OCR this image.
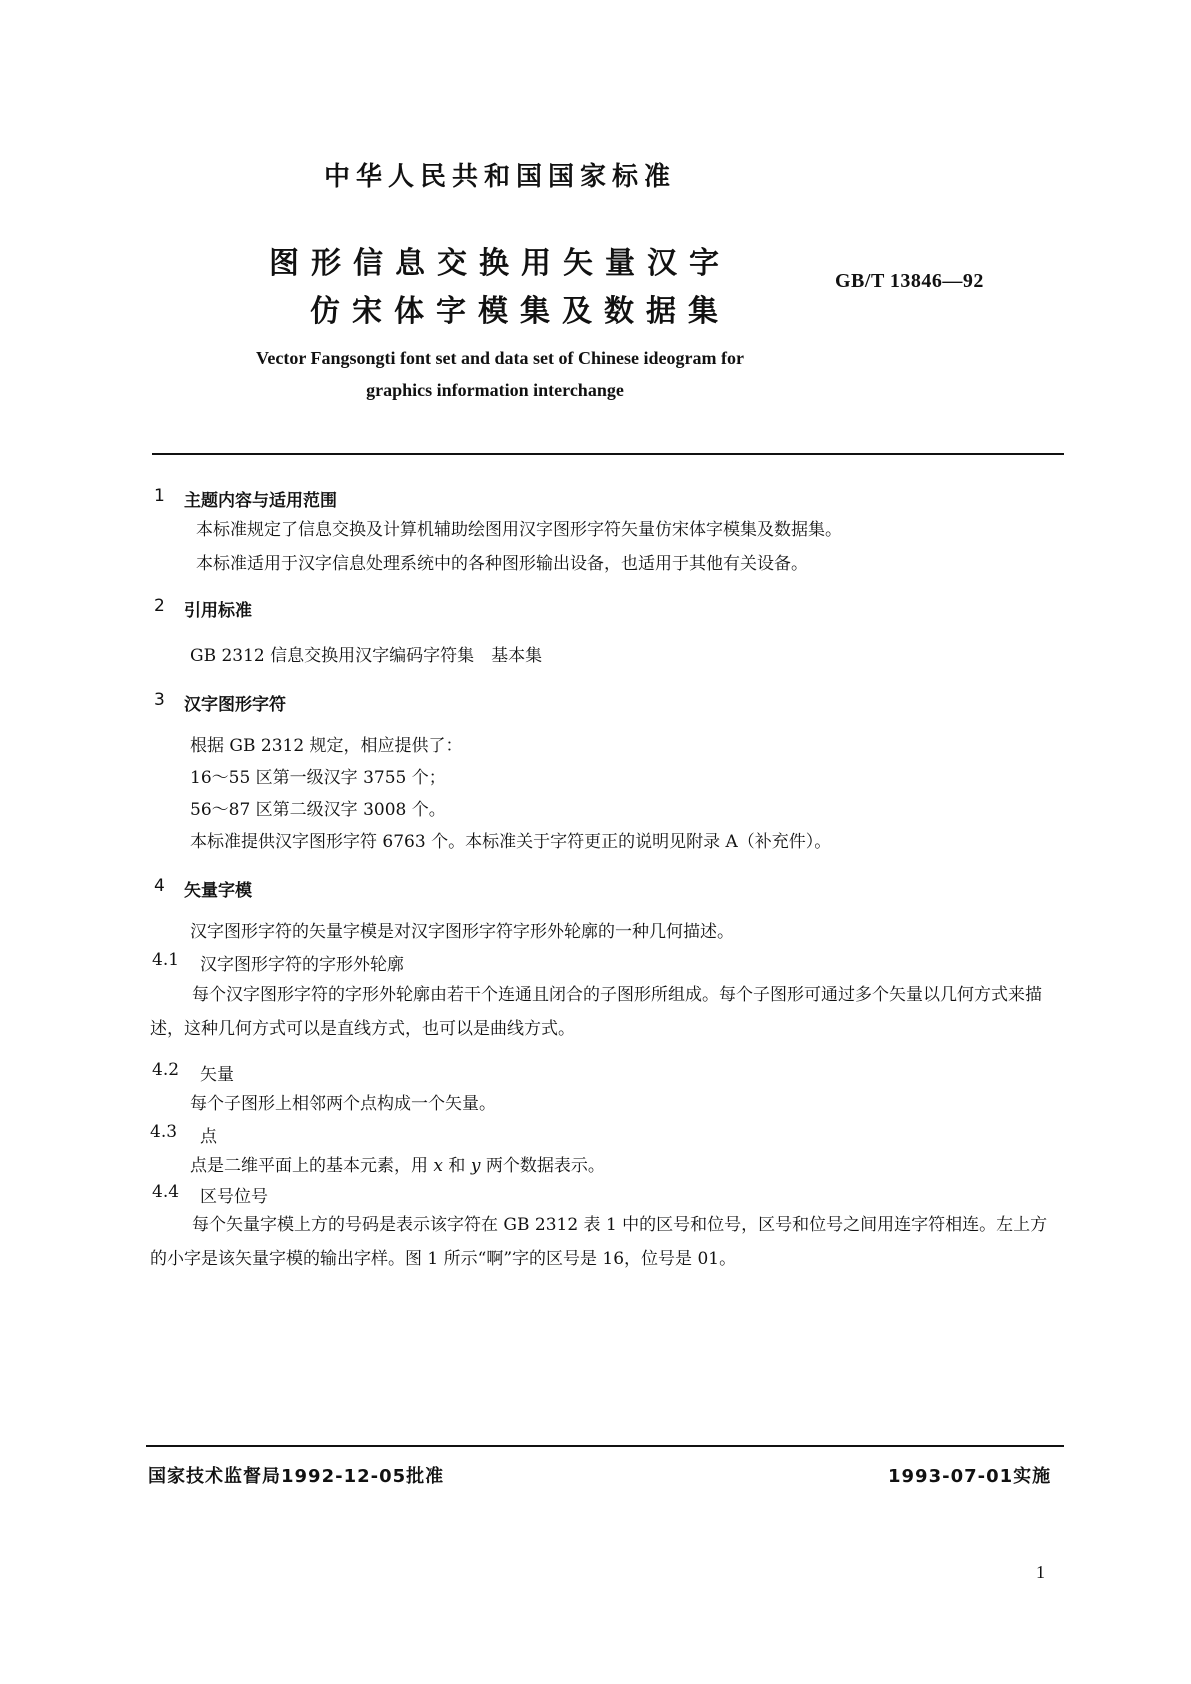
中华人民共和国国家标准
图形信息交换用矢量汉字
仿宋体字模集及数据集
GB/T 13846—92
Vector Fangsongti font set and data set of Chinese ideogram for
graphics information interchange
1 主题内容与适用范围
本标准规定了信息交换及计算机辅助绘图用汉字图形字符矢量仿宋体字模集及数据集。
本标准适用于汉字信息处理系统中的各种图形输出设备，也适用于其他有关设备。
2 引用标准
GB 2312 信息交换用汉字编码字符集　基本集
3 汉字图形字符
根据 GB 2312 规定，相应提供了：
16～55 区第一级汉字 3755 个；
56～87 区第二级汉字 3008 个。
本标准提供汉字图形字符 6763 个。本标准关于字符更正的说明见附录 A（补充件）。
4 矢量字模
汉字图形字符的矢量字模是对汉字图形字符字形外轮廓的一种几何描述。
4.1 汉字图形字符的字形外轮廓
每个汉字图形字符的字形外轮廓由若干个连通且闭合的子图形所组成。每个子图形可通过多个矢量以几何方式来描述，这种几何方式可以是直线方式，也可以是曲线方式。
4.2 矢量
每个子图形上相邻两个点构成一个矢量。
4.3 点
点是二维平面上的基本元素，用 x 和 y 两个数据表示。
4.4 区号位号
每个矢量字模上方的号码是表示该字符在 GB 2312 表 1 中的区号和位号，区号和位号之间用连字符相连。左上方的小字是该矢量字模的输出字样。图 1 所示“啊”字的区号是 16，位号是 01。
国家技术监督局1992-12-05批准	1993-07-01实施
1
